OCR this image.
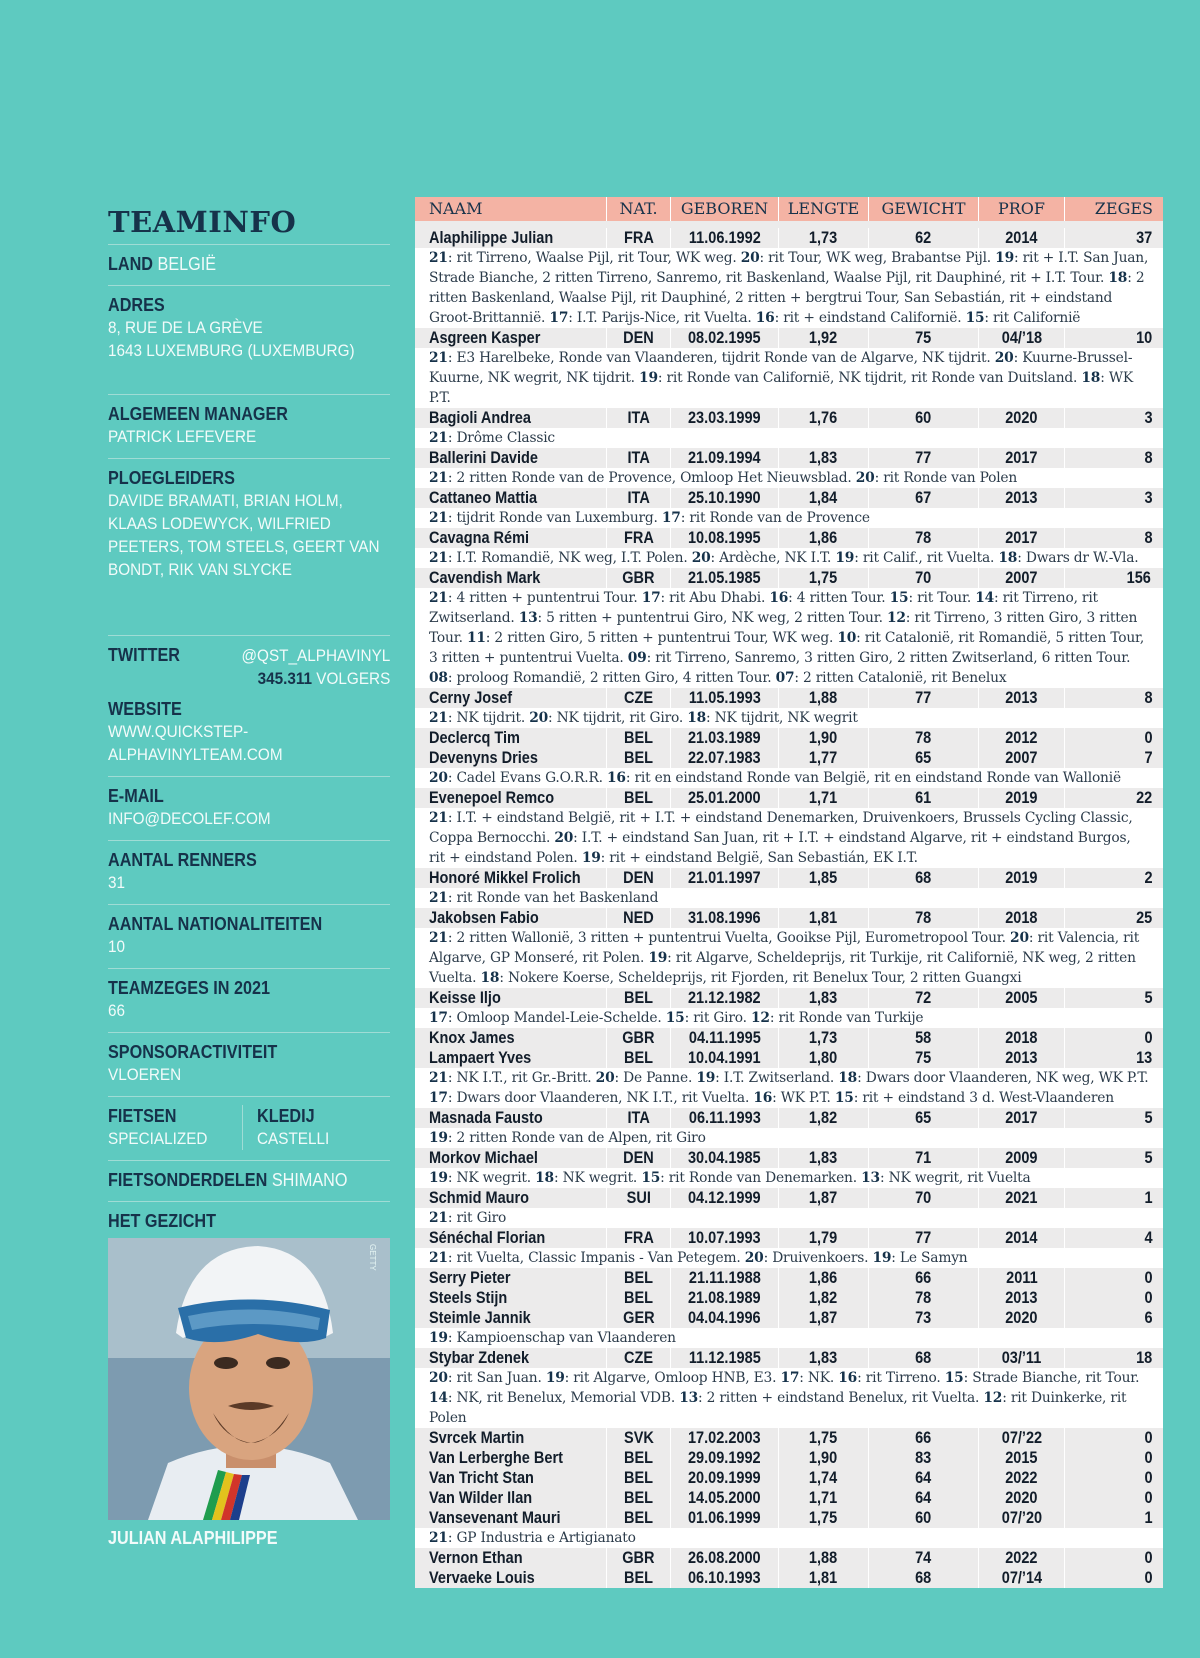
TEAMINFO
LAND BELGIË
ADRES
8, RUE DE LA GRÈVE
1643 LUXEMBURG (LUXEMBURG)
ALGEMEEN MANAGER
PATRICK LEFEVERE
PLOEGLEIDERS
DAVIDE BRAMATI, BRIAN HOLM, KLAAS LODEWYCK, WILFRIED PEETERS, TOM STEELS, GEERT VAN BONDT, RIK VAN SLYCKE
TWITTER	@QST_ALPHAVINYL
345.311 VOLGERS
WEBSITE
WWW.QUICKSTEP-ALPHAVINYLTEAM.COM
E-MAIL
INFO@DECOLEF.COM
AANTAL RENNERS
31
AANTAL NATIONALITEITEN
10
TEAMZEGES IN 2021
66
SPONSORACTIVITEIT
VLOEREN
FIETSEN
SPECIALIZED
KLEDIJ
CASTELLI
FIETSONDERDELEN SHIMANO
HET GEZICHT
JULIAN ALAPHILIPPE
GETTY
NAAM	NAT.	GEBOREN	LENGTE	GEWICHT	PROF	ZEGES
Alaphilippe Julian	FRA	11.06.1992	1,73	62	2014	37
21: rit Tirreno, Waalse Pijl, rit Tour, WK weg. 20: rit Tour, WK weg, Brabantse Pijl. 19: rit + I.T. San Juan, Strade Bianche, 2 ritten Tirreno, Sanremo, rit Baskenland, Waalse Pijl, rit Dauphiné, rit + I.T. Tour. 18: 2 ritten Baskenland, Waalse Pijl, rit Dauphiné, 2 ritten + bergtrui Tour, San Sebastián, rit + eindstand Groot-Brittannië. 17: I.T. Parijs-Nice, rit Vuelta. 16: rit + eindstand Californië. 15: rit Californië
Asgreen Kasper	DEN	08.02.1995	1,92	75	04/’18	10
21: E3 Harelbeke, Ronde van Vlaanderen, tijdrit Ronde van de Algarve, NK tijdrit. 20: Kuurne-Brussel-Kuurne, NK wegrit, NK tijdrit. 19: rit Ronde van Californië, NK tijdrit, rit Ronde van Duitsland. 18: WK P.T.
Bagioli Andrea	ITA	23.03.1999	1,76	60	2020	3
21: Drôme Classic
Ballerini Davide	ITA	21.09.1994	1,83	77	2017	8
21: 2 ritten Ronde van de Provence, Omloop Het Nieuwsblad. 20: rit Ronde van Polen
Cattaneo Mattia	ITA	25.10.1990	1,84	67	2013	3
21: tijdrit Ronde van Luxemburg. 17: rit Ronde van de Provence
Cavagna Rémi	FRA	10.08.1995	1,86	78	2017	8
21: I.T. Romandië, NK weg, I.T. Polen. 20: Ardèche, NK I.T. 19: rit Calif., rit Vuelta. 18: Dwars dr W.-Vla.
Cavendish Mark	GBR	21.05.1985	1,75	70	2007	156
21: 4 ritten + puntentrui Tour. 17: rit Abu Dhabi. 16: 4 ritten Tour. 15: rit Tour. 14: rit Tirreno, rit Zwitserland. 13: 5 ritten + puntentrui Giro, NK weg, 2 ritten Tour. 12: rit Tirreno, 3 ritten Giro, 3 ritten Tour. 11: 2 ritten Giro, 5 ritten + puntentrui Tour, WK weg. 10: rit Catalonië, rit Romandië, 5 ritten Tour, 3 ritten + puntentrui Vuelta. 09: rit Tirreno, Sanremo, 3 ritten Giro, 2 ritten Zwitserland, 6 ritten Tour. 08: proloog Romandië, 2 ritten Giro, 4 ritten Tour. 07: 2 ritten Catalonië, rit Benelux
Cerny Josef	CZE	11.05.1993	1,88	77	2013	8
21: NK tijdrit. 20: NK tijdrit, rit Giro. 18: NK tijdrit, NK wegrit
Declercq Tim	BEL	21.03.1989	1,90	78	2012	0
Devenyns Dries	BEL	22.07.1983	1,77	65	2007	7
20: Cadel Evans G.O.R.R. 16: rit en eindstand Ronde van België, rit en eindstand Ronde van Wallonië
Evenepoel Remco	BEL	25.01.2000	1,71	61	2019	22
21: I.T. + eindstand België, rit + I.T. + eindstand Denemarken, Druivenkoers, Brussels Cycling Classic, Coppa Bernocchi. 20: I.T. + eindstand San Juan, rit + I.T. + eindstand Algarve, rit + eindstand Burgos, rit + eindstand Polen. 19: rit + eindstand België, San Sebastián, EK I.T.
Honoré Mikkel Frolich	DEN	21.01.1997	1,85	68	2019	2
21: rit Ronde van het Baskenland
Jakobsen Fabio	NED	31.08.1996	1,81	78	2018	25
21: 2 ritten Wallonië, 3 ritten + puntentrui Vuelta, Gooikse Pijl, Eurometropool Tour. 20: rit Valencia, rit Algarve, GP Monseré, rit Polen. 19: rit Algarve, Scheldeprijs, rit Turkije, rit Californië, NK weg, 2 ritten Vuelta. 18: Nokere Koerse, Scheldeprijs, rit Fjorden, rit Benelux Tour, 2 ritten Guangxi
Keisse Iljo	BEL	21.12.1982	1,83	72	2005	5
17: Omloop Mandel-Leie-Schelde. 15: rit Giro. 12: rit Ronde van Turkije
Knox James	GBR	04.11.1995	1,73	58	2018	0
Lampaert Yves	BEL	10.04.1991	1,80	75	2013	13
21: NK I.T., rit Gr.-Britt. 20: De Panne. 19: I.T. Zwitserland. 18: Dwars door Vlaanderen, NK weg, WK P.T. 17: Dwars door Vlaanderen, NK I.T., rit Vuelta. 16: WK P.T. 15: rit + eindstand 3 d. West-Vlaanderen
Masnada Fausto	ITA	06.11.1993	1,82	65	2017	5
19: 2 ritten Ronde van de Alpen, rit Giro
Morkov Michael	DEN	30.04.1985	1,83	71	2009	5
19: NK wegrit. 18: NK wegrit. 15: rit Ronde van Denemarken. 13: NK wegrit, rit Vuelta
Schmid Mauro	SUI	04.12.1999	1,87	70	2021	1
21: rit Giro
Sénéchal Florian	FRA	10.07.1993	1,79	77	2014	4
21: rit Vuelta, Classic Impanis - Van Petegem. 20: Druivenkoers. 19: Le Samyn
Serry Pieter	BEL	21.11.1988	1,86	66	2011	0
Steels Stijn	BEL	21.08.1989	1,82	78	2013	0
Steimle Jannik	GER	04.04.1996	1,87	73	2020	6
19: Kampioenschap van Vlaanderen
Stybar Zdenek	CZE	11.12.1985	1,83	68	03/’11	18
20: rit San Juan. 19: rit Algarve, Omloop HNB, E3. 17: NK. 16: rit Tirreno. 15: Strade Bianche, rit Tour. 14: NK, rit Benelux, Memorial VDB. 13: 2 ritten + eindstand Benelux, rit Vuelta. 12: rit Duinkerke, rit Polen
Svrcek Martin	SVK	17.02.2003	1,75	66	07/’22	0
Van Lerberghe Bert	BEL	29.09.1992	1,90	83	2015	0
Van Tricht Stan	BEL	20.09.1999	1,74	64	2022	0
Van Wilder Ilan	BEL	14.05.2000	1,71	64	2020	0
Vansevenant Mauri	BEL	01.06.1999	1,75	60	07/’20	1
21: GP Industria e Artigianato
Vernon Ethan	GBR	26.08.2000	1,88	74	2022	0
Vervaeke Louis	BEL	06.10.1993	1,81	68	07/’14	0
